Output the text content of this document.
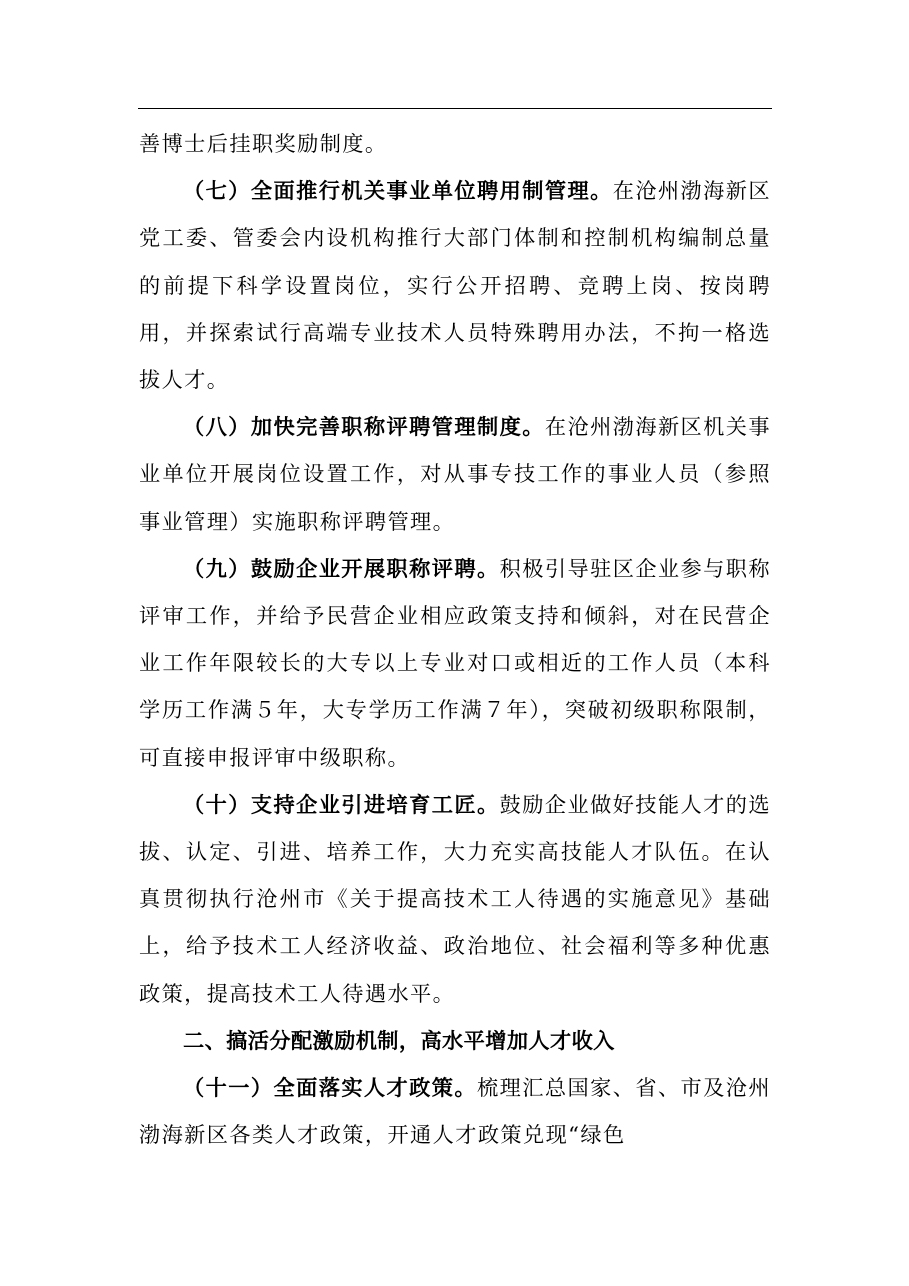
善博士后挂职奖励制度。

（七）全面推行机关事业单位聘用制管理。在沧州渤海新区党工委、管委会内设机构推行大部门体制和控制机构编制总量的前提下科学设置岗位，实行公开招聘、竞聘上岗、按岗聘用，并探索试行高端专业技术人员特殊聘用办法，不拘一格选拔人才。

（八）加快完善职称评聘管理制度。在沧州渤海新区机关事业单位开展岗位设置工作，对从事专技工作的事业人员（参照事业管理）实施职称评聘管理。

（九）鼓励企业开展职称评聘。积极引导驻区企业参与职称评审工作，并给予民营企业相应政策支持和倾斜，对在民营企业工作年限较长的大专以上专业对口或相近的工作人员（本科学历工作满５年，大专学历工作满７年），突破初级职称限制，可直接申报评审中级职称。

（十）支持企业引进培育工匠。鼓励企业做好技能人才的选拔、认定、引进、培养工作，大力充实高技能人才队伍。在认真贯彻执行沧州市《关于提高技术工人待遇的实施意见》基础上，给予技术工人经济收益、政治地位、社会福利等多种优惠政策，提高技术工人待遇水平。

二、搞活分配激励机制，高水平增加人才收入

（十一）全面落实人才政策。梳理汇总国家、省、市及沧州渤海新区各类人才政策，开通人才政策兑现“绿色
